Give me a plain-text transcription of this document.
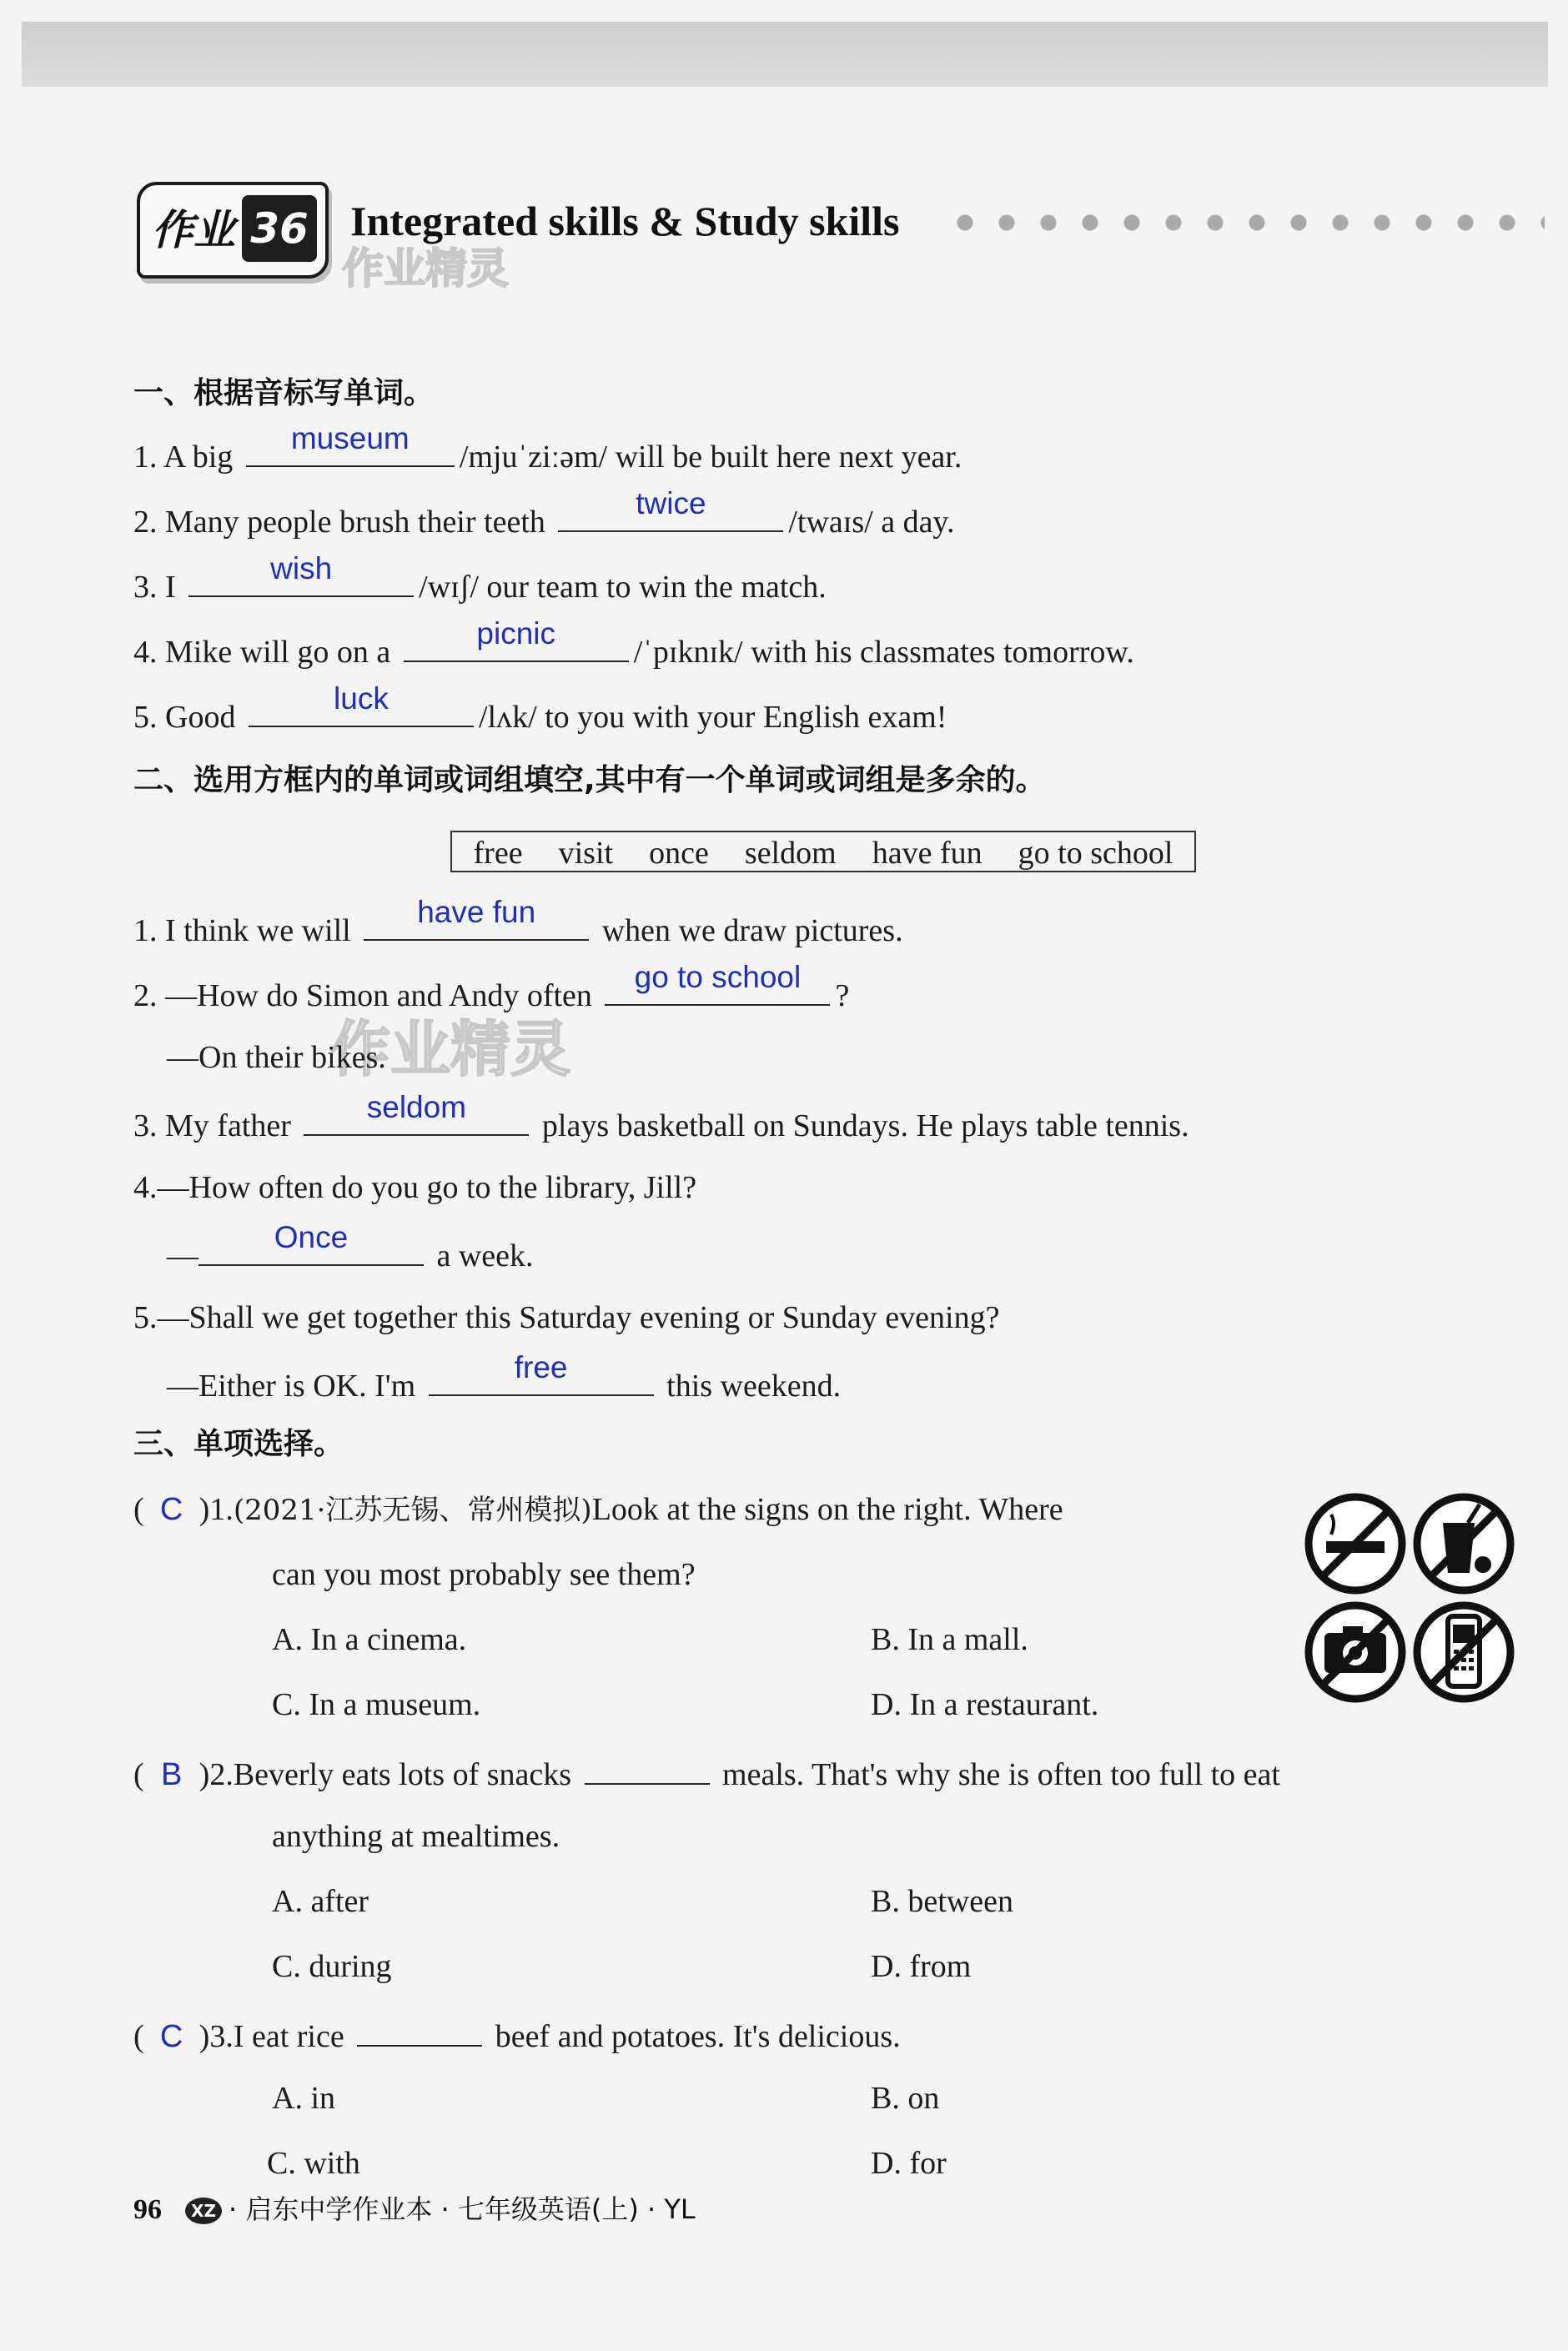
作业 36 Integrated skills & Study skills
作业精灵
作业精灵
一、根据音标写单词。
1. A big
museum
/mjuˈziːəm/ will be built here next year.
2. Many people brush their teeth
twice
/twaɪs/ a day.
3. I
wish
/wɪʃ/ our team to win the match.
4. Mike will go on a
picnic
/ˈpɪknɪk/ with his classmates tomorrow.
5. Good
luck
/lʌk/ to you with your English exam!
二、选用方框内的单词或词组填空,其中有一个单词或词组是多余的。
free visit once seldom have fun go to school
1. I think we will
have fun
when we draw pictures.
2. —How do Simon and Andy often
go to school
?
—On their bikes.
3. My father
seldom
plays basketball on Sundays. He plays table tennis.
4.—How often do you go to the library, Jill?
—
Once
a week.
5.—Shall we get together this Saturday evening or Sunday evening?
—Either is OK. I'm
free
this weekend.
三、单项选择。
( C )1.(2021·江苏无锡、常州模拟)Look at the signs on the right. Where
can you most probably see them?
A. In a cinema.	B. In a mall.
C. In a museum.	D. In a restaurant.
( B )2.Beverly eats lots of snacks	meals. That's why she is often too full to eat
anything at mealtimes.
A. after	B. between
C. during	D. from
( C )3.I eat rice	beef and potatoes. It's delicious.
A. in	B. on
C. with	D. for
96 XZ · 启东中学作业本 · 七年级英语(上) · YL
